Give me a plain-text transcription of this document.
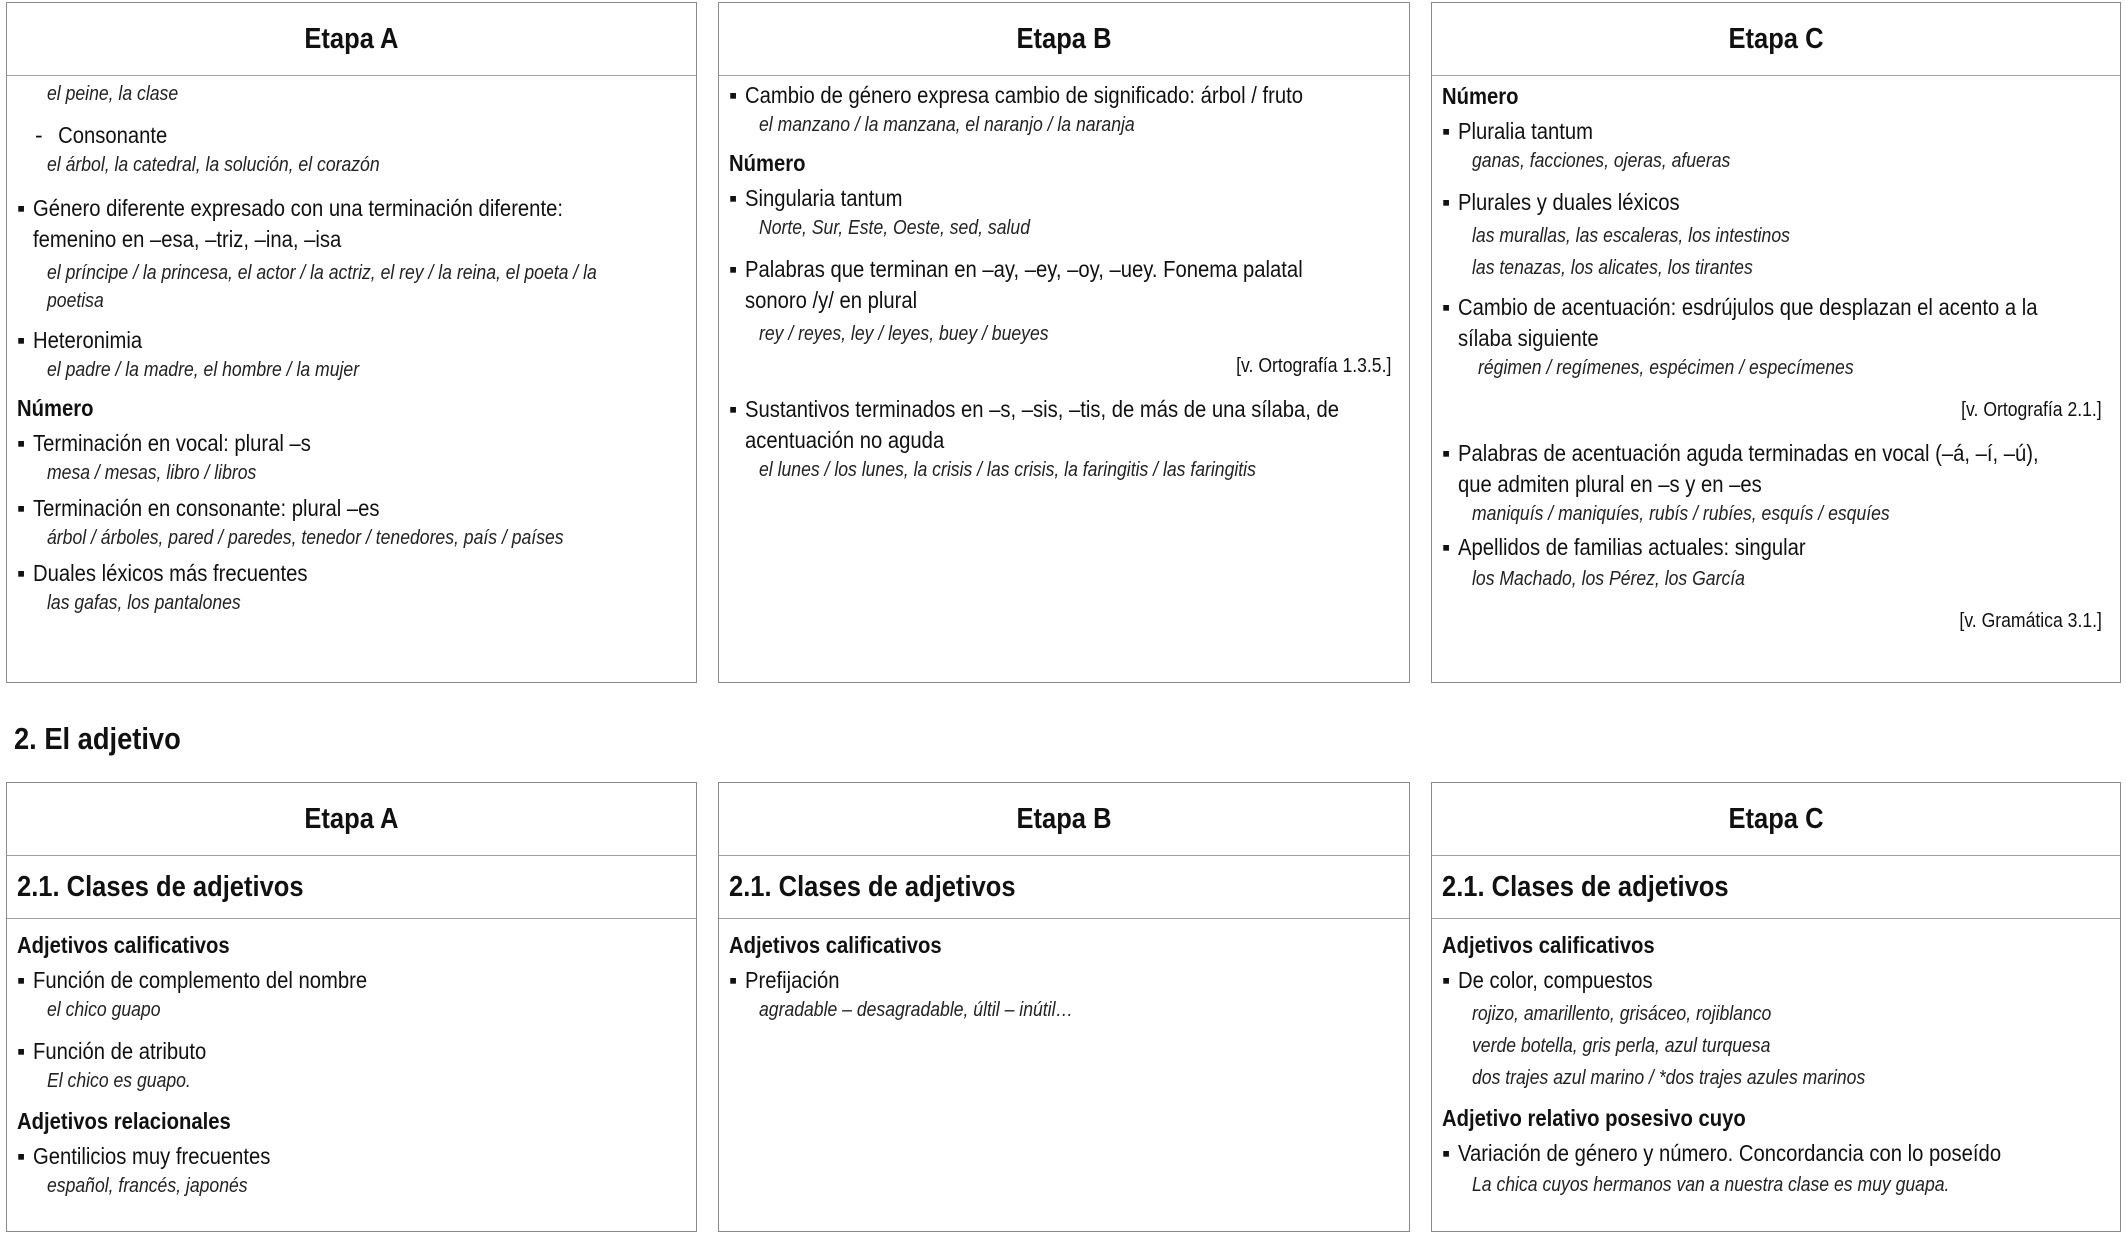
Etapa A
el peine, la clase
- Consonante
el árbol, la catedral, la solución, el corazón
▪ Género diferente expresado con una terminación diferente:
femenino en –esa, –triz, –ina, –isa
el príncipe / la princesa, el actor / la actriz, el rey / la reina, el poeta / la
poetisa
▪ Heteronimia
el padre / la madre, el hombre / la mujer
Número
▪ Terminación en vocal: plural –s
mesa / mesas, libro / libros
▪ Terminación en consonante: plural –es
árbol / árboles, pared / paredes, tenedor / tenedores, país / países
▪ Duales léxicos más frecuentes
las gafas, los pantalones
Etapa B
▪ Cambio de género expresa cambio de significado: árbol / fruto
el manzano / la manzana, el naranjo / la naranja
Número
▪ Singularia tantum
Norte, Sur, Este, Oeste, sed, salud
▪ Palabras que terminan en –ay, –ey, –oy, –uey. Fonema palatal
sonoro /y/ en plural
rey / reyes, ley / leyes, buey / bueyes
[v. Ortografía 1.3.5.]
▪ Sustantivos terminados en –s, –sis, –tis, de más de una sílaba, de
acentuación no aguda
el lunes / los lunes, la crisis / las crisis, la faringitis / las faringitis
Etapa C
Número
▪ Pluralia tantum
ganas, facciones, ojeras, afueras
▪ Plurales y duales léxicos
las murallas, las escaleras, los intestinos
las tenazas, los alicates, los tirantes
▪ Cambio de acentuación: esdrújulos que desplazan el acento a la
sílaba siguiente
régimen / regímenes, espécimen / especímenes
[v. Ortografía 2.1.]
▪ Palabras de acentuación aguda terminadas en vocal (–á, –í, –ú),
que admiten plural en –s y en –es
maniquís / maniquíes, rubís / rubíes, esquís / esquíes
▪ Apellidos de familias actuales: singular
los Machado, los Pérez, los García
[v. Gramática 3.1.]
2. El adjetivo
Etapa A
2.1. Clases de adjetivos
Adjetivos calificativos
▪ Función de complemento del nombre
el chico guapo
▪ Función de atributo
El chico es guapo.
Adjetivos relacionales
▪ Gentilicios muy frecuentes
español, francés, japonés
Etapa B
2.1. Clases de adjetivos
Adjetivos calificativos
▪ Prefijación
agradable – desagradable, últil – inútil…
Etapa C
2.1. Clases de adjetivos
Adjetivos calificativos
▪ De color, compuestos
rojizo, amarillento, grisáceo, rojiblanco
verde botella, gris perla, azul turquesa
dos trajes azul marino / *dos trajes azules marinos
Adjetivo relativo posesivo cuyo
▪ Variación de género y número. Concordancia con lo poseído
La chica cuyos hermanos van a nuestra clase es muy guapa.
